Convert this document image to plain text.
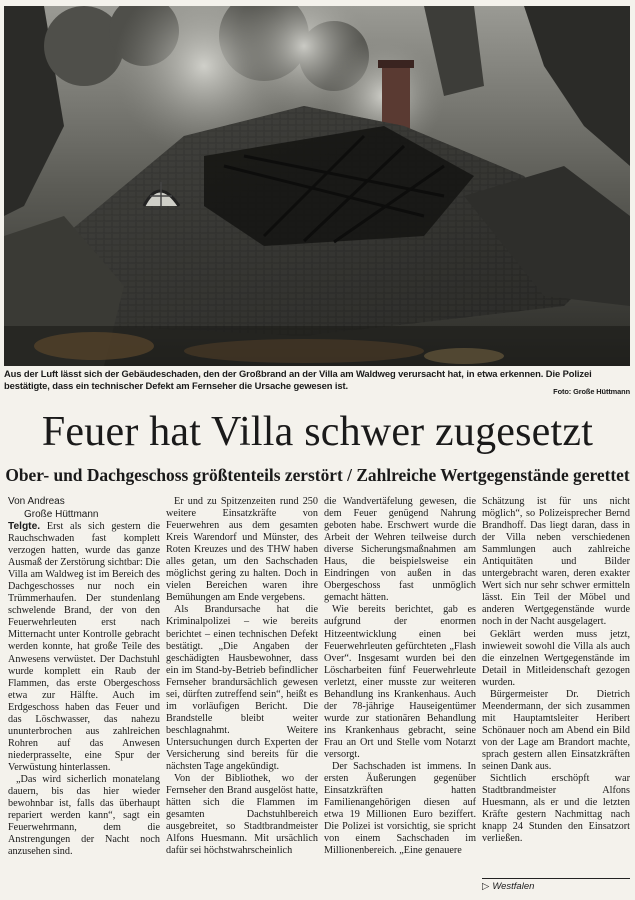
Aus der Luft lässt sich der Gebäudeschaden, den der Großbrand an der Villa am Waldweg verursacht hat, in etwa erkennen. Die Polizei bestätigte, dass ein technischer Defekt am Fernseher die Ursache gewesen ist.
Foto: Große Hüttmann
Feuer hat Villa schwer zugesetzt
Ober- und Dachgeschoss größtenteils zerstört / Zahlreiche Wertgegenstände gerettet

Von Andreas
Große Hüttmann

Telgte. Erst als sich gestern die Rauchschwaden fast komplett verzogen hatten, wurde das ganze Ausmaß der Zerstörung sichtbar: Die Villa am Waldweg ist im Bereich des Dachgeschosses nur noch ein Trümmerhaufen. Der stundenlang schwelende Brand, der von den Feuerwehrleuten erst nach Mitternacht unter Kontrolle gebracht werden konnte, hat große Teile des Anwesens verwüstet. Der Dachstuhl wurde komplett ein Raub der Flammen, das erste Obergeschoss etwa zur Hälfte. Auch im Erdgeschoss haben das Feuer und das Löschwasser, das nahezu ununterbrochen aus zahlreichen Rohren auf das Anwesen niederprasselte, eine Spur der Verwüstung hinterlassen.

„Das wird sicherlich monatelang dauern, bis das hier wieder bewohnbar ist, falls das überhaupt repariert werden kann“, sagt ein Feuerwehrmann, dem die Anstrengungen der Nacht noch anzusehen sind.

Er und zu Spitzenzeiten rund 250 weitere Einsatzkräfte von Feuerwehren aus dem gesamten Kreis Warendorf und Münster, des Roten Kreuzes und des THW haben alles getan, um den Sachschaden möglichst gering zu halten. Doch in vielen Bereichen waren ihre Bemühungen am Ende vergebens.

Als Brandursache hat die Kriminalpolizei – wie bereits berichtet – einen technischen Defekt bestätigt. „Die Angaben der geschädigten Hausbewohner, dass ein im Stand-by-Betrieb befindlicher Fernseher brandursächlich gewesen sei, dürften zutreffend sein“, heißt es im vorläufigen Bericht. Die Brandstelle bleibt weiter beschlagnahmt. Weitere Untersuchungen durch Experten der Versicherung sind bereits für die nächsten Tage angekündigt.

Von der Bibliothek, wo der Fernseher den Brand ausgelöst hatte, hätten sich die Flammen im gesamten Dachstuhlbereich ausgebreitet, so Stadtbrandmeister Alfons Huesmann. Mit ursächlich dafür sei höchstwahrscheinlich

die Wandvertäfelung gewesen, die dem Feuer genügend Nahrung geboten habe. Erschwert wurde die Arbeit der Wehren teilweise durch diverse Sicherungsmaßnahmen am Haus, die beispielsweise ein Eindringen von außen in das Obergeschoss fast unmöglich gemacht hätten.

Wie bereits berichtet, gab es aufgrund der enormen Hitzeentwicklung einen bei Feuerwehrleuten gefürchteten „Flash Over“. Insgesamt wurden bei den Löscharbeiten fünf Feuerwehrleute verletzt, einer musste zur weiteren Behandlung ins Krankenhaus. Auch der 78-jährige Hauseigentümer wurde zur stationären Behandlung ins Krankenhaus gebracht, seine Frau an Ort und Stelle vom Notarzt versorgt.

Der Sachschaden ist immens. In ersten Äußerungen gegenüber Einsatzkräften hatten Familienangehörigen diesen auf etwa 19 Millionen Euro beziffert. Die Polizei ist vorsichtig, sie spricht von einem Sachschaden im Millionenbereich. „Eine genauere

Schätzung ist für uns nicht möglich“, so Polizeisprecher Bernd Brandhoff. Das liegt daran, dass in der Villa neben verschiedenen Sammlungen auch zahlreiche Antiquitäten und Bilder untergebracht waren, deren exakter Wert sich nur sehr schwer ermitteln lässt. Ein Teil der Möbel und anderen Wertgegenstände wurde noch in der Nacht ausgelagert.

Geklärt werden muss jetzt, inwieweit sowohl die Villa als auch die einzelnen Wertgegenstände im Detail in Mitleidenschaft gezogen wurden.

Bürgermeister Dr. Dietrich Meendermann, der sich zusammen mit Hauptamtsleiter Heribert Schönauer noch am Abend ein Bild von der Lage am Brandort machte, sprach gestern allen Einsatzkräften seinen Dank aus.

Sichtlich erschöpft war Stadtbrandmeister Alfons Huesmann, als er und die letzten Kräfte gestern Nachmittag nach knapp 24 Stunden den Einsatzort verließen.

▷ Westfalen
